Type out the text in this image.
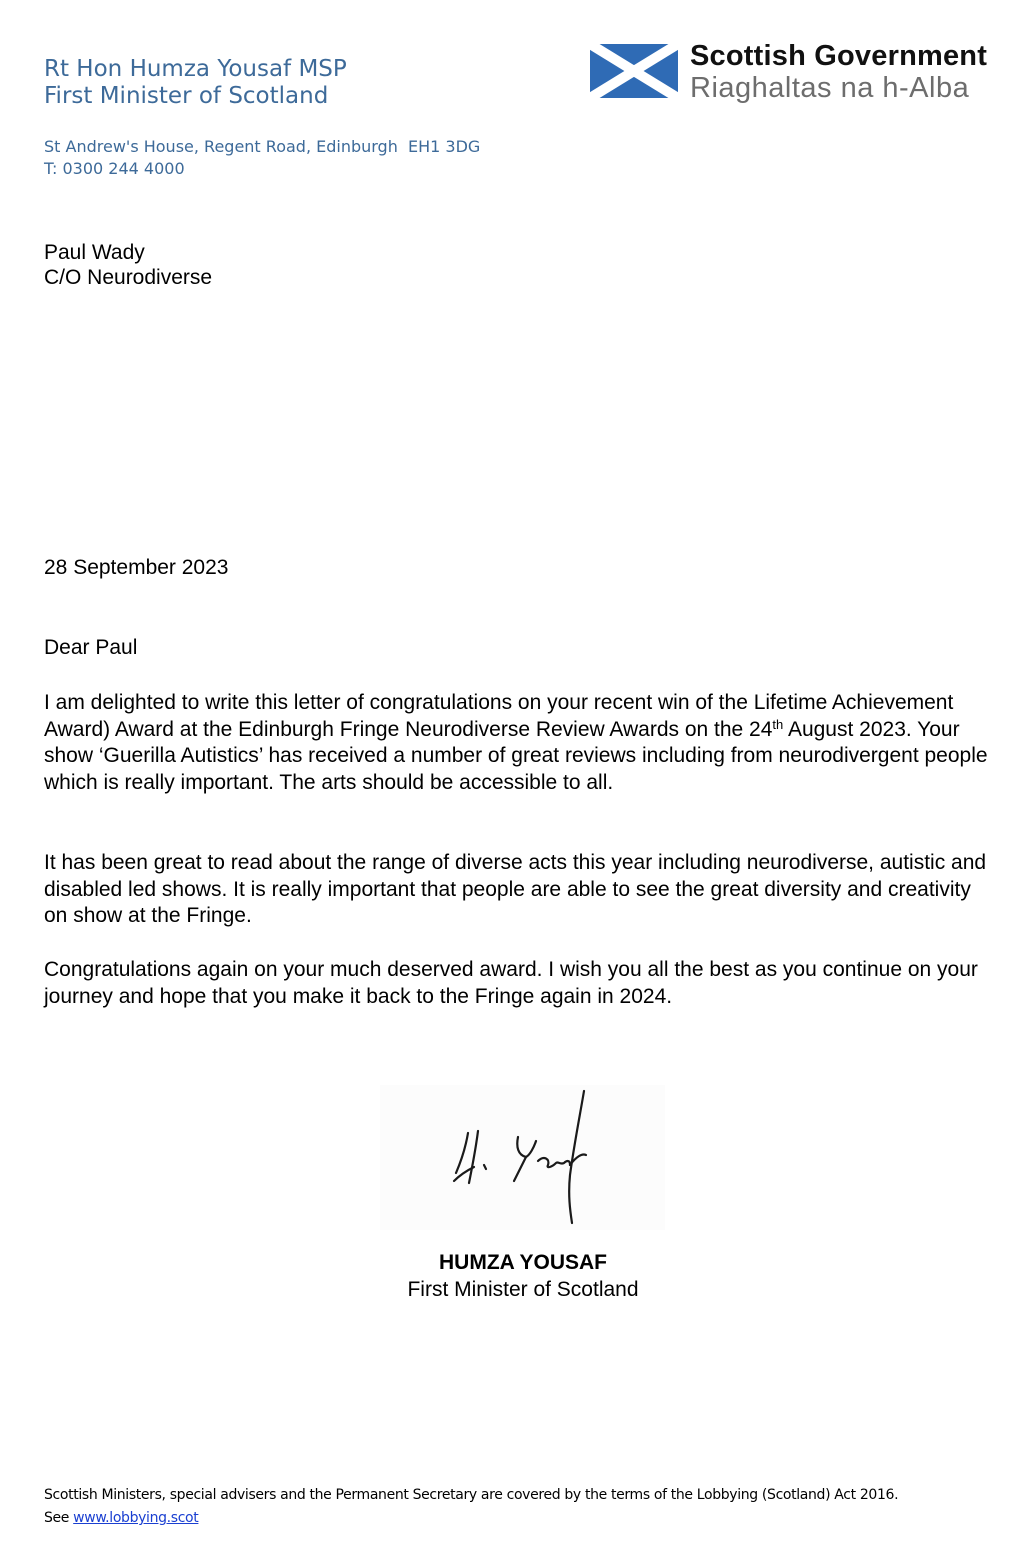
Rt Hon Humza Yousaf MSP
First Minister of Scotland
St Andrew's House, Regent Road, Edinburgh  EH1 3DG
T: 0300 244 4000
Scottish Government
Riaghaltas na h-Alba
Paul Wady
C/O Neurodiverse
28 September 2023
Dear Paul

I am delighted to write this letter of congratulations on your recent win of the Lifetime Achievement Award) Award at the Edinburgh Fringe Neurodiverse Review Awards on the 24th August 2023. Your show ‘Guerilla Autistics’ has received a number of great reviews including from neurodivergent people which is really important. The arts should be accessible to all.

It has been great to read about the range of diverse acts this year including neurodiverse, autistic and disabled led shows. It is really important that people are able to see the great diversity and creativity on show at the Fringe.

Congratulations again on your much deserved award. I wish you all the best as you continue on your journey and hope that you make it back to the Fringe again in 2024.

HUMZA YOUSAF
First Minister of Scotland
Scottish Ministers, special advisers and the Permanent Secretary are covered by the terms of the Lobbying (Scotland) Act 2016.
See www.lobbying.scot
